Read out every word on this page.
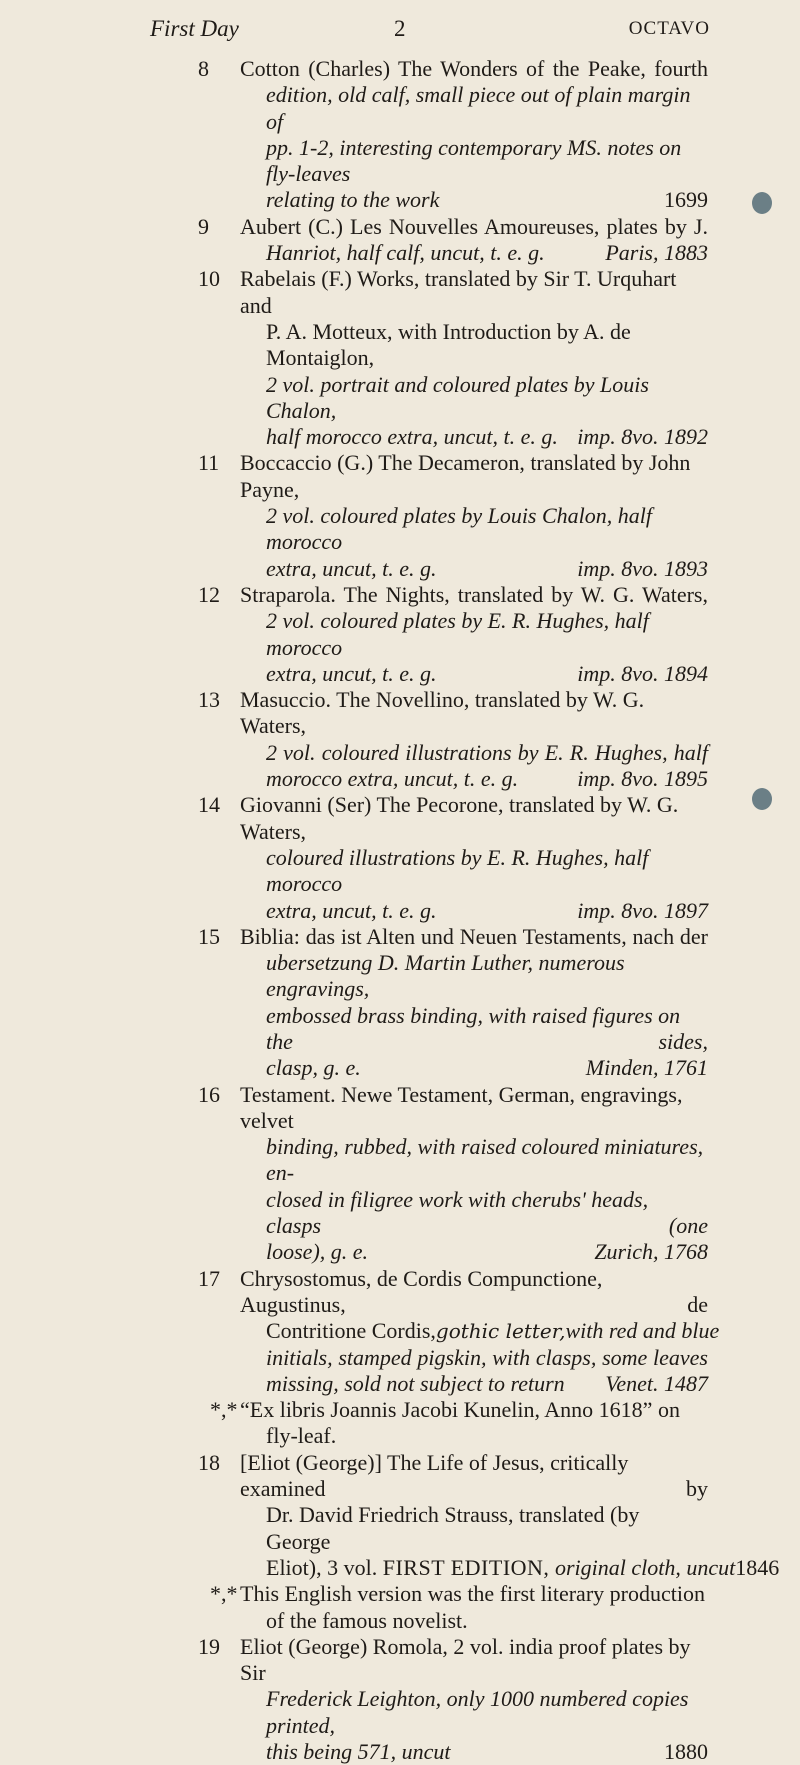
First Day	2	OCTAVO
8	Cotton (Charles) The Wonders of the Peake, fourth
edition, old calf, small piece out of plain margin of
pp. 1-2, interesting contemporary MS. notes on fly-leaves
relating to the work	1699
9	Aubert (C.) Les Nouvelles Amoureuses, plates by J.
Hanriot, half calf, uncut, t. e. g.	Paris, 1883
10 Rabelais (F.) Works, translated by Sir T. Urquhart and
P. A. Motteux, with Introduction by A. de Montaiglon,
2 vol. portrait and coloured plates by Louis Chalon,
half morocco extra, uncut, t. e. g. imp. 8vo. 1892
11 Boccaccio (G.) The Decameron, translated by John Payne,
2 vol. coloured plates by Louis Chalon, half morocco
extra, uncut, t. e. g.	imp. 8vo. 1893
12 Straparola. The Nights, translated by W. G. Waters,
2 vol. coloured plates by E. R. Hughes, half morocco
extra, uncut, t. e. g.	imp. 8vo. 1894
13 Masuccio. The Novellino, translated by W. G. Waters,
2 vol. coloured illustrations by E. R. Hughes, half
morocco extra, uncut, t. e. g.	imp. 8vo. 1895
14 Giovanni (Ser) The Pecorone, translated by W. G. Waters,
coloured illustrations by E. R. Hughes, half morocco
extra, uncut, t. e. g.	imp. 8vo. 1897
15 Biblia: das ist Alten und Neuen Testaments, nach der
ubersetzung D. Martin Luther, numerous engravings,
embossed brass binding, with raised figures on the sides,
clasp, g. e.	Minden, 1761
16 Testament. Newe Testament, German, engravings, velvet
binding, rubbed, with raised coloured miniatures, en-
closed in filigree work with cherubs' heads, clasps (one
loose), g. e.	Zurich, 1768
17 Chrysostomus, de Cordis Compunctione, Augustinus, de
Contritione Cordis, gothic letter, with red and blue
initials, stamped pigskin, with clasps, some leaves
missing, sold not subject to return Venet. 1487
*,* “Ex libris Joannis Jacobi Kunelin, Anno 1618” on
fly-leaf.
18 [Eliot (George)] The Life of Jesus, critically examined by
Dr. David Friedrich Strauss, translated (by George
Eliot), 3 vol. FIRST EDITION, original cloth, uncut 1846
*,* This English version was the first literary production
of the famous novelist.
19 Eliot (George) Romola, 2 vol. india proof plates by Sir
Frederick Leighton, only 1000 numbered copies printed,
this being 571, uncut	1880
